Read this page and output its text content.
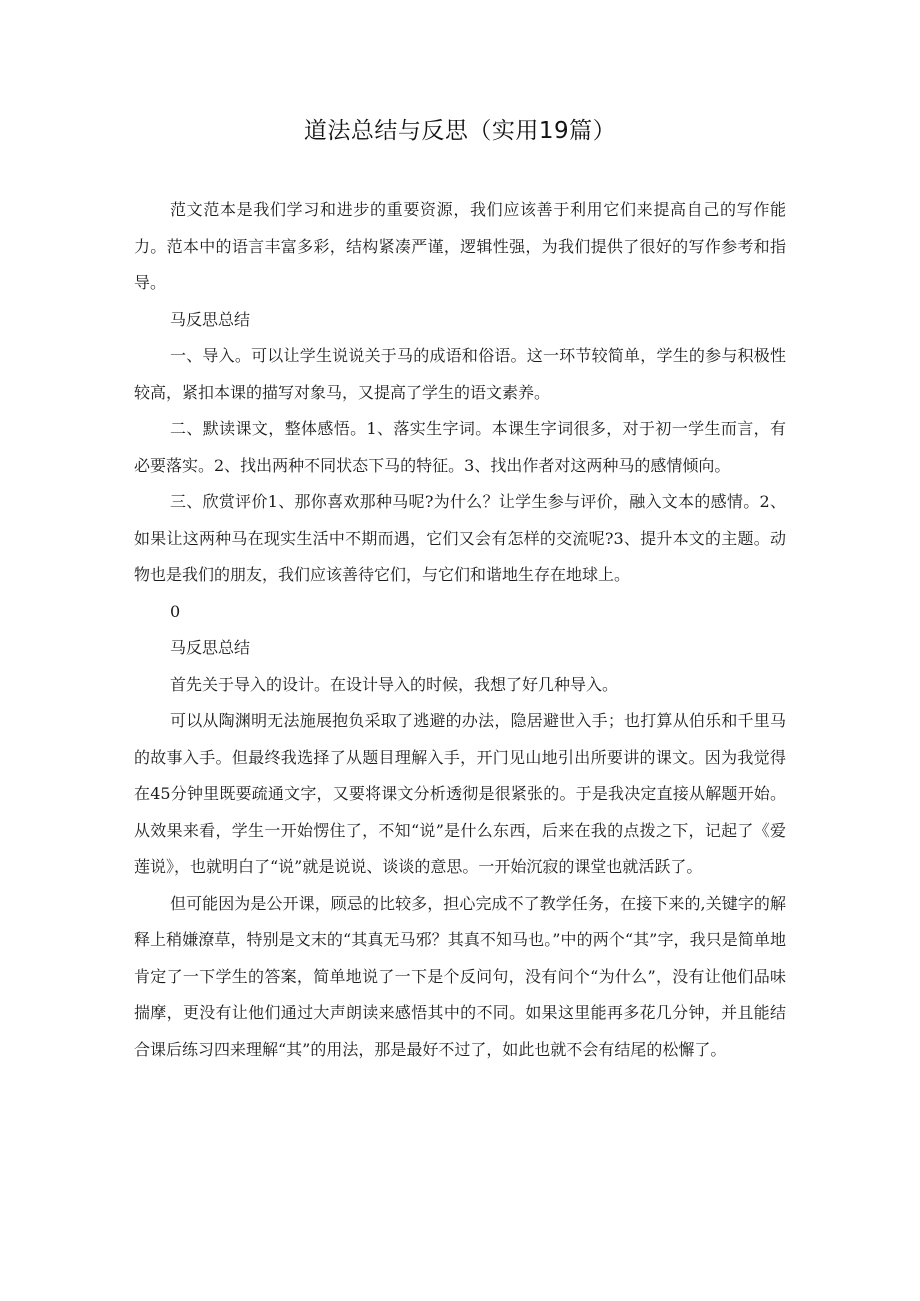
道法总结与反思（实用19篇）

范文范本是我们学习和进步的重要资源，我们应该善于利用它们来提高自己的写作能力。范本中的语言丰富多彩，结构紧凑严谨，逻辑性强，为我们提供了很好的写作参考和指导。

马反思总结

一、导入。可以让学生说说关于马的成语和俗语。这一环节较简单，学生的参与积极性较高，紧扣本课的描写对象马，又提高了学生的语文素养。

二、默读课文，整体感悟。1、落实生字词。本课生字词很多，对于初一学生而言，有必要落实。2、找出两种不同状态下马的特征。3、找出作者对这两种马的感情倾向。

三、欣赏评价1、那你喜欢那种马呢?为什么？让学生参与评价，融入文本的感情。2、如果让这两种马在现实生活中不期而遇，它们又会有怎样的交流呢?3、提升本文的主题。动物也是我们的朋友，我们应该善待它们，与它们和谐地生存在地球上。

0

马反思总结

首先关于导入的设计。在设计导入的时候，我想了好几种导入。

可以从陶渊明无法施展抱负采取了逃避的办法，隐居避世入手；也打算从伯乐和千里马的故事入手。但最终我选择了从题目理解入手，开门见山地引出所要讲的课文。因为我觉得在45分钟里既要疏通文字，又要将课文分析透彻是很紧张的。于是我决定直接从解题开始。从效果来看，学生一开始愣住了，不知“说”是什么东西，后来在我的点拨之下，记起了《爱莲说》，也就明白了“说”就是说说、谈谈的意思。一开始沉寂的课堂也就活跃了。

但可能因为是公开课，顾忌的比较多，担心完成不了教学任务，在接下来的,关键字的解释上稍嫌潦草，特别是文末的“其真无马邪？其真不知马也。”中的两个“其”字，我只是简单地肯定了一下学生的答案，简单地说了一下是个反问句，没有问个“为什么”，没有让他们品味揣摩，更没有让他们通过大声朗读来感悟其中的不同。如果这里能再多花几分钟，并且能结合课后练习四来理解“其”的用法，那是最好不过了，如此也就不会有结尾的松懈了。
